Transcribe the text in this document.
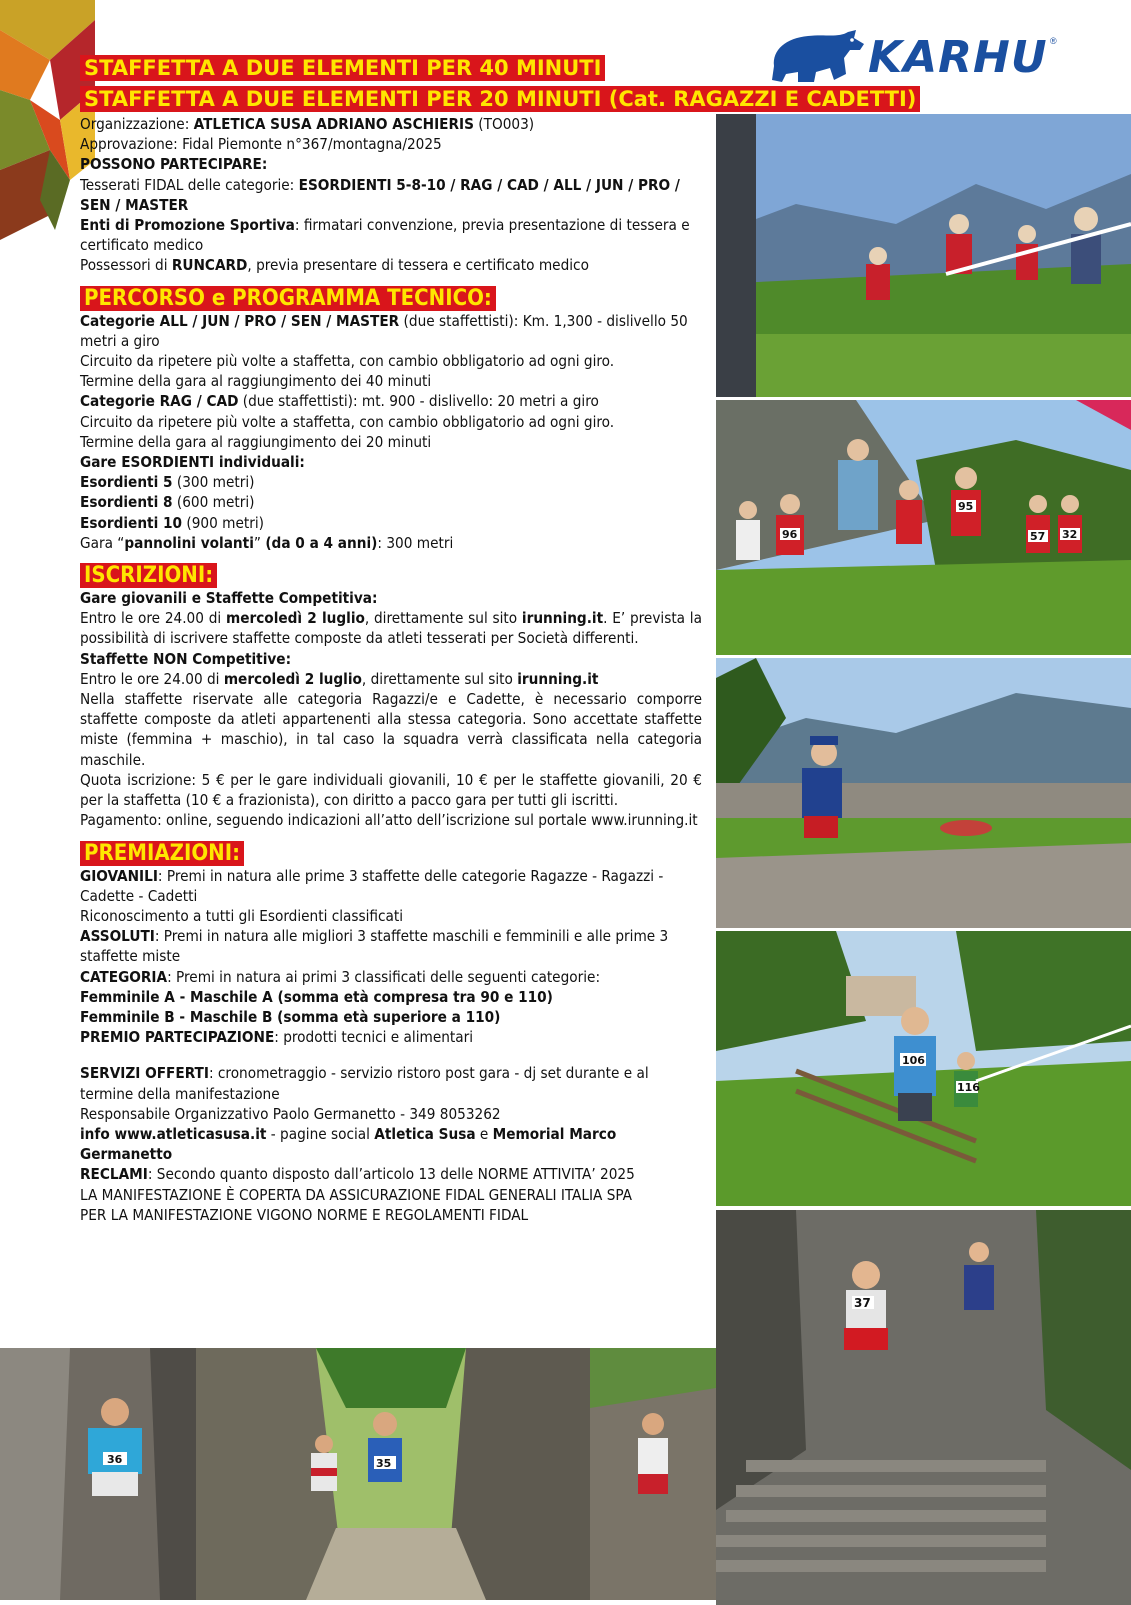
KARHU ®
STAFFETTA A DUE ELEMENTI PER 40 MINUTI
STAFFETTA A DUE ELEMENTI PER 20 MINUTI (Cat. RAGAZZI E CADETTI)

Organizzazione: ATLETICA SUSA ADRIANO ASCHIERIS (TO003)

Approvazione: Fidal Piemonte n°367/montagna/2025

POSSONO PARTECIPARE:

Tesserati FIDAL delle categorie: ESORDIENTI 5-8-10 / RAG / CAD / ALL / JUN / PRO / SEN / MASTER

Enti di Promozione Sportiva: firmatari convenzione, previa presentazione di tessera e certificato medico

Possessori di RUNCARD, previa presentare di tessera e certificato medico

PERCORSO e PROGRAMMA TECNICO:

Categorie ALL / JUN / PRO / SEN / MASTER (due staffettisti): Km. 1,300 - dislivello 50 metri a giro

Circuito da ripetere più volte a staffetta, con cambio obbligatorio ad ogni giro.

Termine della gara al raggiungimento dei 40 minuti

Categorie RAG / CAD (due staffettisti): mt. 900 - dislivello: 20 metri a giro

Circuito da ripetere più volte a staffetta, con cambio obbligatorio ad ogni giro.

Termine della gara al raggiungimento dei 20 minuti

Gare ESORDIENTI individuali:

Esordienti 5 (300 metri)

Esordienti 8 (600 metri)

Esordienti 10 (900 metri)

Gara “pannolini volanti” (da 0 a 4 anni): 300 metri

ISCRIZIONI:

Gare giovanili e Staffette Competitiva:

Entro le ore 24.00 di mercoledì 2 luglio, direttamente sul sito irunning.it. E’ prevista la possibilità di iscrivere staffette composte da atleti tesserati per Società differenti.

Staffette NON Competitive:

Entro le ore 24.00 di mercoledì 2 luglio, direttamente sul sito irunning.it

Nella staffette riservate alle categoria Ragazzi/e e Cadette, è necessario comporre staffette composte da atleti appartenenti alla stessa categoria. Sono accettate staffette miste (femmina + maschio), in tal caso la squadra verrà classificata nella categoria maschile.

Quota iscrizione: 5 € per le gare individuali giovanili, 10 € per le staffette giovanili, 20 € per la staffetta (10 € a frazionista), con diritto a pacco gara per tutti gli iscritti.

Pagamento: online, seguendo indicazioni all’atto dell’iscrizione sul portale www.irunning.it

PREMIAZIONI:

GIOVANILI: Premi in natura alle prime 3 staffette delle categorie Ragazze - Ragazzi - Cadette - Cadetti

Riconoscimento a tutti gli Esordienti classificati

ASSOLUTI: Premi in natura alle migliori 3 staffette maschili e femminili e alle prime 3 staffette miste

CATEGORIA: Premi in natura ai primi 3 classificati delle seguenti categorie:

Femminile A - Maschile A (somma età compresa tra 90 e 110)

Femminile B - Maschile B (somma età superiore a 110)

PREMIO PARTECIPAZIONE: prodotti tecnici e alimentari

SERVIZI OFFERTI: cronometraggio - servizio ristoro post gara - dj set durante e al termine della manifestazione

Responsabile Organizzativo Paolo Germanetto - 349 8053262

info www.atleticasusa.it - pagine social Atletica Susa e Memorial Marco Germanetto

RECLAMI: Secondo quanto disposto dall’articolo 13 delle NORME ATTIVITA’ 2025

LA MANIFESTAZIONE È COPERTA DA ASSICURAZIONE FIDAL GENERALI ITALIA SPA

PER LA MANIFESTAZIONE VIGONO NORME E REGOLAMENTI FIDAL

96
95
57 32
106
116
37
36	35
